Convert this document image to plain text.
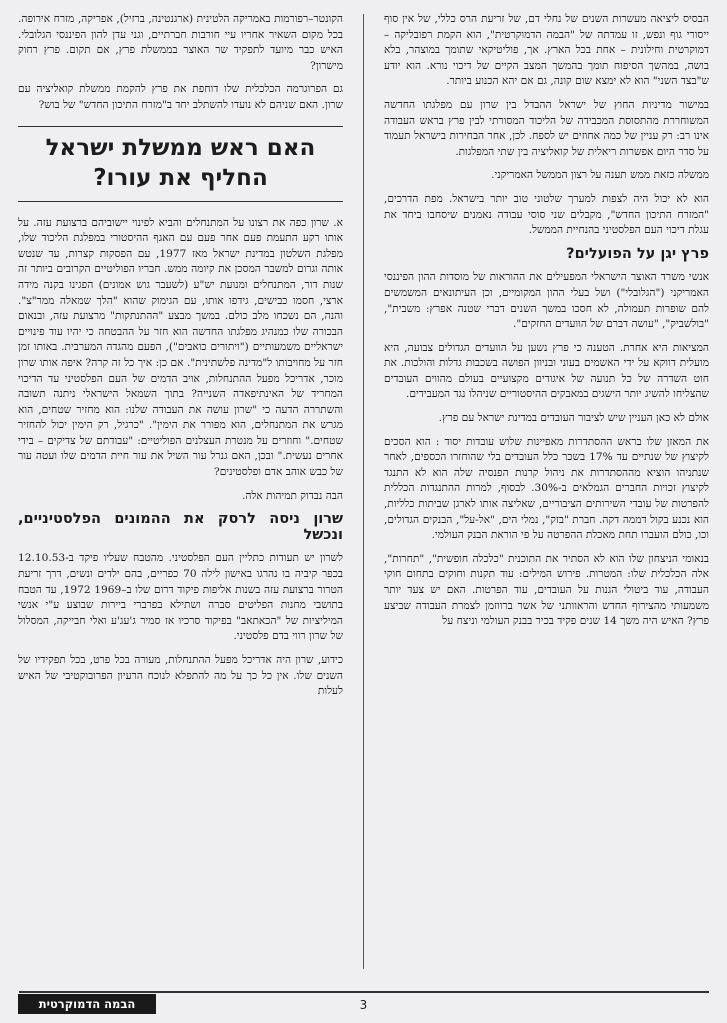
הבסיס ליציאה מעשרות השנים של נחלי דם, של זריעת הרס כללי, של אין סוף ייסורי גוף ונפש, זו עמדתה של "הבמה הדמוקרטית", הוא הקמת רפובליקה – דמוקרטית וחילונית – אחת בכל הארץ. אך, פוליטיקאי שתומך במוצהר, בלא בושה, במהשך הסיפוח תומך בהמשך המצב הקיים של דיכוי נורא. הוא יודע ש"בצד השני" הוא לא ימצא שום קונה, גם אם יהא הכנוע ביותר.

במישור מדיניות החוץ של ישראל ההבדל בין שרון עם מפלגתו החדשה המשוחררת מהתסוסת המכבידה של הליכוד המסורתי לבין פרץ בראש העבודה אינו רב: רק עניין של כמה אחוזים יש לספח. לכן, אחר הבחירות בישראל תעמוד על סדר היום אפשרות ריאלית של קואליציה בין שתי המפלגות.

ממשלה כזאת ממש תענה על רצון הממשל האמריקני.

הוא לא יכול היה לצפות למערך שלטוני טוב יותר בישראל. מפת הדרכים, "המזרח התיכון החדש", מקבלים שני סוסי עבודה נאמנים שיסחבו ביחד את עגלת דיכוי העם הפלסטיני בהנחיית הממשל.

פרץ יגן על הפועלים?

אנשי משרד האוצר הישראלי המפעילים את ההוראות של מוסדות ההון הפיננסי האמריקני ("הגלובלי") ושל בעלי ההון המקומיים, וכן העיתונאים המשמשים להם שופרות תעמולה, לא חסכו במשך השנים דברי שטנה אפרץ: משבית", "בולשביק", "עושה דברם של הוועדים החזקים".

המציאות היא אחרת. הטענה כי פרץ נשען על הוועדים הגדולים צבועה, היא מועלית דווקא על ידי האשמים בעוני ובניוון הפושה בשכבות גדלות והולכות. את חוט השדרה של כל תנועה של איגודים מקצועיים בעולם מהווים העובדים שהצליחו להשיג יותר הישגים במאבקים ההיסטוריים שניהלו נגד המעבידים.

אולם לא כאן העניין שיש לציבור העובדים במדינת ישראל עם פרץ.

את המאזן שלו בראש ההסתדרות מאפיינות שלוש עובדות יסוד : הוא הסכים לקיצוץ של שנתיים עד 17% בשכר כלל העובדים בלי שהוחזרו הכספים, לאחר שנתניהו הוציא מההסתדרות את ניהול קרנות הפנסיה שלה הוא לא התנגד לקיצוץ זכויות החברים הגמלאים ב-30%. לבסוף, למרות ההתנגדות הכללית להפרטות של עובדי השירותים הציבוריים, שאליצה אותו לארגן שביתות כלליות, הוא נכנע בקול דממה דקה. חברת "בזק", נמלי הים, "אל-על", הבנקים הגדולים, וכו, כולם הועברו תחת מאכלת ההפרטה על פי הוראת הבנק העולמי.

בנאומי הניצחון שלו הוא לא הסתיר את התוכנית "כלכלה חופשית", "תחרות", אלה הכלכלית שלו: המטרות. פירוש המילים: עוד תקנות וחוקים בתחום חוקי העבודה, עוד ביטולי הגנות על העובדים, עוד הפרטות. האם יש צעד יותר משמעותי מהצירוף החדש והראוותני של אשר ברווזמן לצמרת העבודה שביצע פרץ? האיש היה משך 14 שנים פקיד בכיר בבנק העולמי וניצח על

הקונטר–רפורמות באמריקה הלטינית (ארגנטינה, ברזיל), אפריקה, מזרח אירופה. בכל מקום השאיר אחריו עיי חורבות חברתיים, וגני עדן להון הפיננסי הגלובלי. האיש כבר מיועד לתפקיד שר האוצר בממשלת פרץ, אם תקום. פרץ רחוק מישרון?

גם הפרוגרמה הכלכלית שלו דוחפת את פרץ להקמת ממשלת קואליציה עם שרון. האם שניהם לא נועדו להשתלב יחד ב"מזרח התיכון החדש" של בוש?

האם ראש ממשלת ישראל החליף את עורו?

א. שרון כפה את רצונו על המתנחלים והביא לפינוי יישוביהם ברצועת עזה. על אותו רקע התעמת פעם אחר פעם עם האגף ההיסטורי במפלגת הליכוד שלו, מפלגת השלטון במדינת ישראל מאז 1977, עם הפסקות קצרות, עד שנטש אותה וגרום למשבר המסכן את קיומה ממש. חבריו הפוליטיים הקרובים ביותר זה שנות דור, המתנחלים ומנועת יש"ע (לשעבר גוש אמונים) הפגינו בקנה מידה ארצי, חסמו כבישים, גידפו אותו, עם הגימוק שהוא "הלך שמאלה ממר"צ". והנה, הם נשכחו מלב כולם. במשך מבצע "ההתנתקות" מרצועת עזה, ובנאום הבכורה שלו כמנהיג מפלגתו החדשה הוא חזר על ההבטחה כי יהיו עוד פינויים ישראליים משמעותיים ("ויתורים כואבים"), הפעם מהגדה המערבית. באותו זמן חזר על מחויבותו ל"מדינה פלשתינית". אם כן: איך כל זה קרה? איפה אותו שרון מוכר, אדריכל מפעל ההתנחלות, אויב הדמים של העם הפלסטיני עד הדיכוי המחריד של האינתיפאדה השנייה? בתוך השמאל הישראלי ניתנה תשובה והשתררה הדעה כי "שרון עושה את העבודה שלנו: הוא מחזיר שטחים, הוא מגרש את המתנחלים, הוא מפורר את הימין". "כרגיל, רק הימין יכול להחזיר שטחים." וחוזרים על מנטרת העצלנים הפוליטיים: "עבודתם של צדיקים – בידי אחרים נעשית." ובכן, האם גנרל עור השיל את עור חיית הדמים שלו ועטה עור של כבש אוהב אדם ופלסטינים?

הבה נבדוק תמיהות אלה.

שרון ניסה לרסק את ההמונים הפלסטיניים, ונכשל

לשרון יש תעודות כתליין העם הפלסטיני. מהטבח שעליו פיקד ב-12.10.53 בכפר קיביה בו נהרגו באישון לילה 70 כפריים, בהם ילדים ונשים, דרך זריעת הטרור ברצועת עזה בשנות אליפות פיקוד דרום שלו ב–1969 1972, עד הטבח בתושבי מחנות הפליטים סברה ושתילא בפרברי ביירות שבוצע ע"י אנשי המיליציות של "הכאתאב" בפיקוד סרכיו אז סמיר ג'עג'ע ואלי חבייקה, המסלול של שרון רווי בדם פלסטיני.

כידוע, שרון היה אדריכל מפעל ההתנחלות, מעורה בכל פרט, בכל תפקידיו של השנים שלו. אין כל כך על מה להתפלא לנוכח הרעיון הפרובוקטיבי של האיש לעלות

3
הבמה הדמוקרטית
